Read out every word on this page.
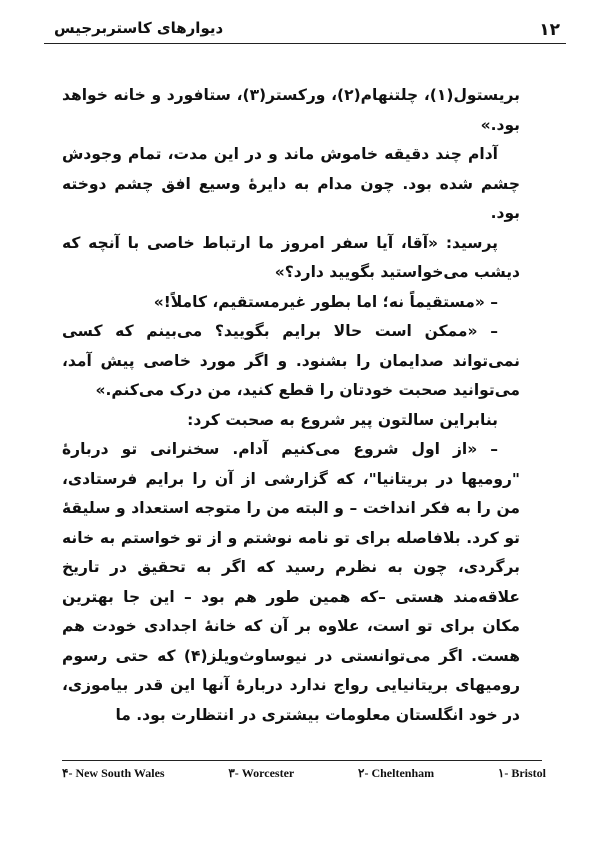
۱۲
دیوارهای کاستربرجیس

بریستول(۱)، چلتنهام(۲)، ورکستر(۳)، ستافورد و خانه خواهد بود.»

آدام چند دقیقه خاموش ماند و در این مدت، تمام وجودش چشم شده بود. چون مدام به دایرهٔ وسیع افق چشم دوخته بود.

پرسید: «آقا، آیا سفر امروز ما ارتباط خاصی با آنچه که دیشب می‌خواستید بگویید دارد؟»

– «مستقیماً نه؛ اما بطور غیرمستقیم، کاملاً!»

– «ممکن است حالا برایم بگویید؟ می‌بینم که کسی نمی‌تواند صدایمان را بشنود. و اگر مورد خاصی پیش آمد، می‌توانید صحبت خودتان را قطع کنید، من درک می‌کنم.»

بنابراین سالتون پیر شروع به صحبت کرد:

– «از اول شروع می‌کنیم آدام. سخنرانی تو دربارهٔ "رومیها در بریتانیا"، که گزارشی از آن را برایم فرستادی، من را به فکر انداخت – و البته من را متوجه استعداد و سلیقهٔ تو کرد. بلافاصله برای تو نامه نوشتم و از تو خواستم به خانه برگردی، چون به نظرم رسید که اگر به تحقیق در تاریخ علاقه‌مند هستی –که همین طور هم بود – این جا بهترین مکان برای تو است، علاوه بر آن که خانهٔ اجدادی خودت هم هست. اگر می‌توانستی در نیوساوث‌ویلز(۴) که حتی رسوم رومیهای بریتانیایی رواج ندارد دربارهٔ آنها این قدر بیاموزی، در خود انگلستان معلومات بیشتری در انتظارت بود. ما

۱- Bristol
۲- Cheltenham
۳- Worcester
۴- New South Wales
